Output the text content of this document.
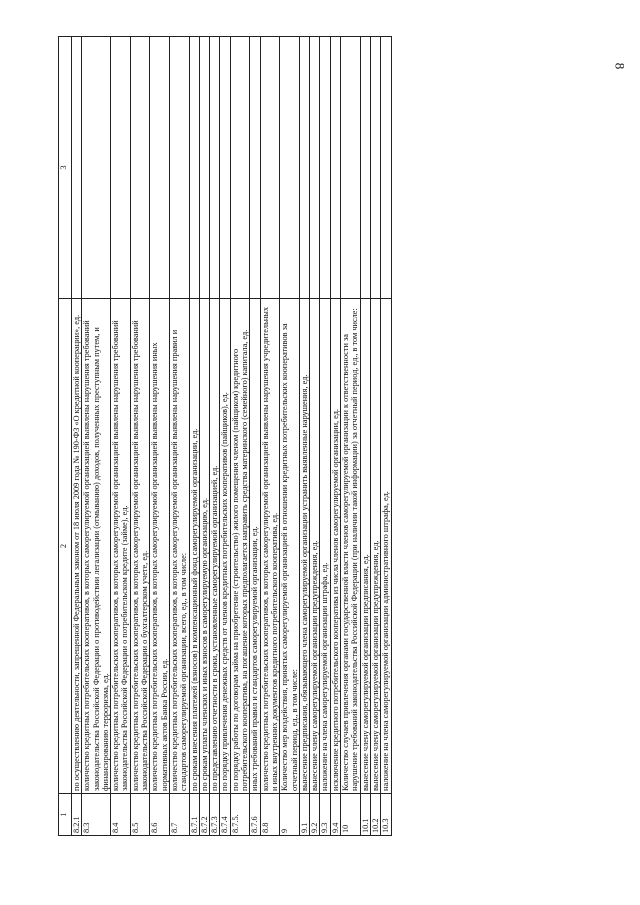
8
1	2	3
8.2.1	по осуществлению деятельности, запрещенной Федеральным законом от 18 июля 2009 года № 190-ФЗ «О кредитной кооперации», ед.	
8.3	количество кредитных потребительских кооперативов, в которых саморегулируемой организацией выявлены нарушения требований законодательства Российской Федерации о противодействии легализации (отмыванию) доходов, полученных преступным путем, и финансированию терроризма, ед.	
8.4	количество кредитных потребительских кооперативов, в которых саморегулируемой организацией выявлены нарушения требований законодательства Российской Федерации о потребительском кредите (займе), ед.	
8.5	количество кредитных потребительских кооперативов, в которых саморегулируемой организацией выявлены нарушения требований законодательства Российской Федерации о бухгалтерском учете, ед.	
8.6	количество кредитных потребительских кооперативов, в которых саморегулируемой организацией выявлены нарушения иных нормативных актов Банка России, ед.	
8.7	количество кредитных потребительских кооперативов, в которых саморегулируемой организацией выявлены нарушения правил и стандартов саморегулируемой организации, всего, ед., в том числе:	
8.7.1	по срокам внесения платежей (взносов) в компенсационный фонд саморегулируемой организации, ед.	
8.7.2	по срокам уплаты членских и иных взносов в саморегулируемую организацию, ед.	
8.7.3	по представлению отчетности в сроки, установленные саморегулируемой организацией, ед.	
8.7.4	по порядку привлечения денежных средств от членов кредитных потребительских кооперативов (пайщиков), ед.	
8.7.5.	по порядку работы по договорам займа на приобретение (строительство) жилого помещения членом (пайщиком) кредитного потребительского кооператива, на погашение которых предполагается направить средства материнского (семейного) капитала, ед.	
8.7.6	иных требований правил и стандартов саморегулируемой организации, ед.	
8.8	количество кредитных потребительских кооперативов, в которых саморегулируемой организацией выявлены нарушения учредительных и иных внутренних документов кредитного потребительского кооператива, ед.	
9	Количество мер воздействия, принятых саморегулируемой организацией в отношении кредитных потребительских кооперативов за отчетный период, ед., в том числе:	
9.1	вынесение предписания, обязывающего члена саморегулируемой организации устранить выявленные нарушения, ед.	
9.2	вынесение члену саморегулируемой организации предупреждения, ед.	
9.3	наложение на члена саморегулируемой организации штрафа, ед.	
9.4	исключение кредитного потребительского кооператива из числа членов саморегулируемой организации, ед.	
10	Количество случаев привлечения органами государственной власти членов саморегулируемой организации к ответственности за нарушение требований законодательства Российской Федерации (при наличии такой информации) за отчетный период, ед., в том числе:	
10.1	вынесение члену саморегулируемой организации предписания, ед.	
10.2	вынесение члену саморегулируемой организации предупреждения, ед.	
10.3	наложение на члена саморегулируемой организации административного штрафа, ед.	
